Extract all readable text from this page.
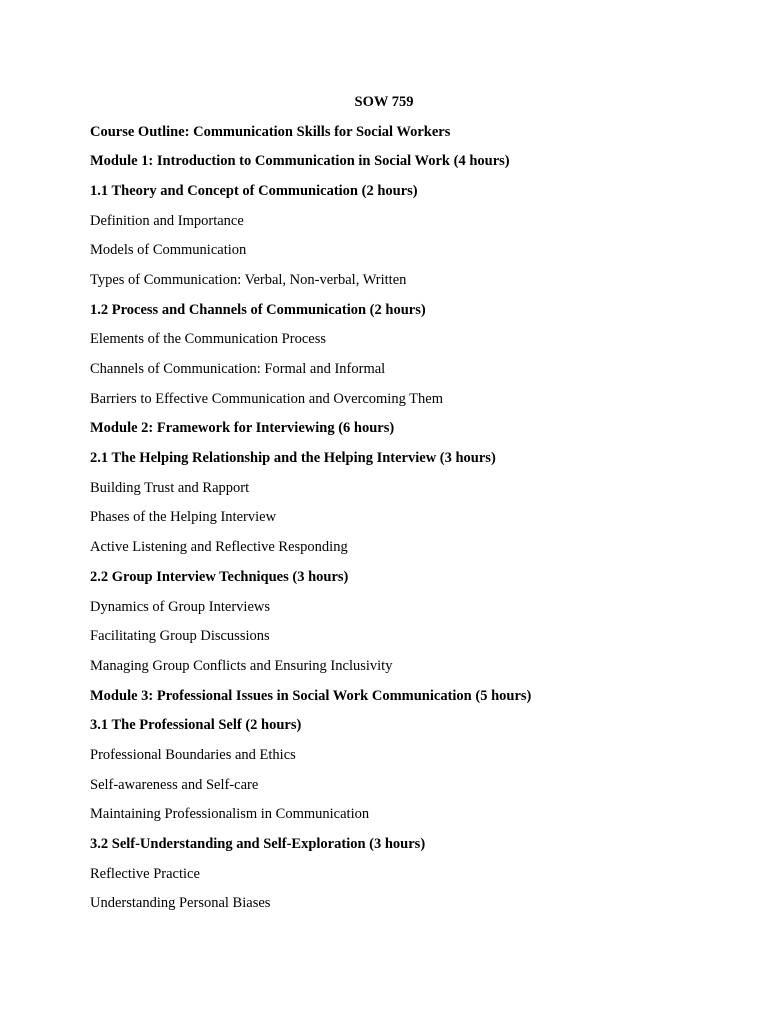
SOW 759

Course Outline: Communication Skills for Social Workers

Module 1: Introduction to Communication in Social Work (4 hours)

1.1 Theory and Concept of Communication (2 hours)

Definition and Importance

Models of Communication

Types of Communication: Verbal, Non-verbal, Written

1.2 Process and Channels of Communication (2 hours)

Elements of the Communication Process

Channels of Communication: Formal and Informal

Barriers to Effective Communication and Overcoming Them

Module 2: Framework for Interviewing (6 hours)

2.1 The Helping Relationship and the Helping Interview (3 hours)

Building Trust and Rapport

Phases of the Helping Interview

Active Listening and Reflective Responding

2.2 Group Interview Techniques (3 hours)

Dynamics of Group Interviews

Facilitating Group Discussions

Managing Group Conflicts and Ensuring Inclusivity

Module 3: Professional Issues in Social Work Communication (5 hours)

3.1 The Professional Self (2 hours)

Professional Boundaries and Ethics

Self-awareness and Self-care

Maintaining Professionalism in Communication

3.2 Self-Understanding and Self-Exploration (3 hours)

Reflective Practice

Understanding Personal Biases
